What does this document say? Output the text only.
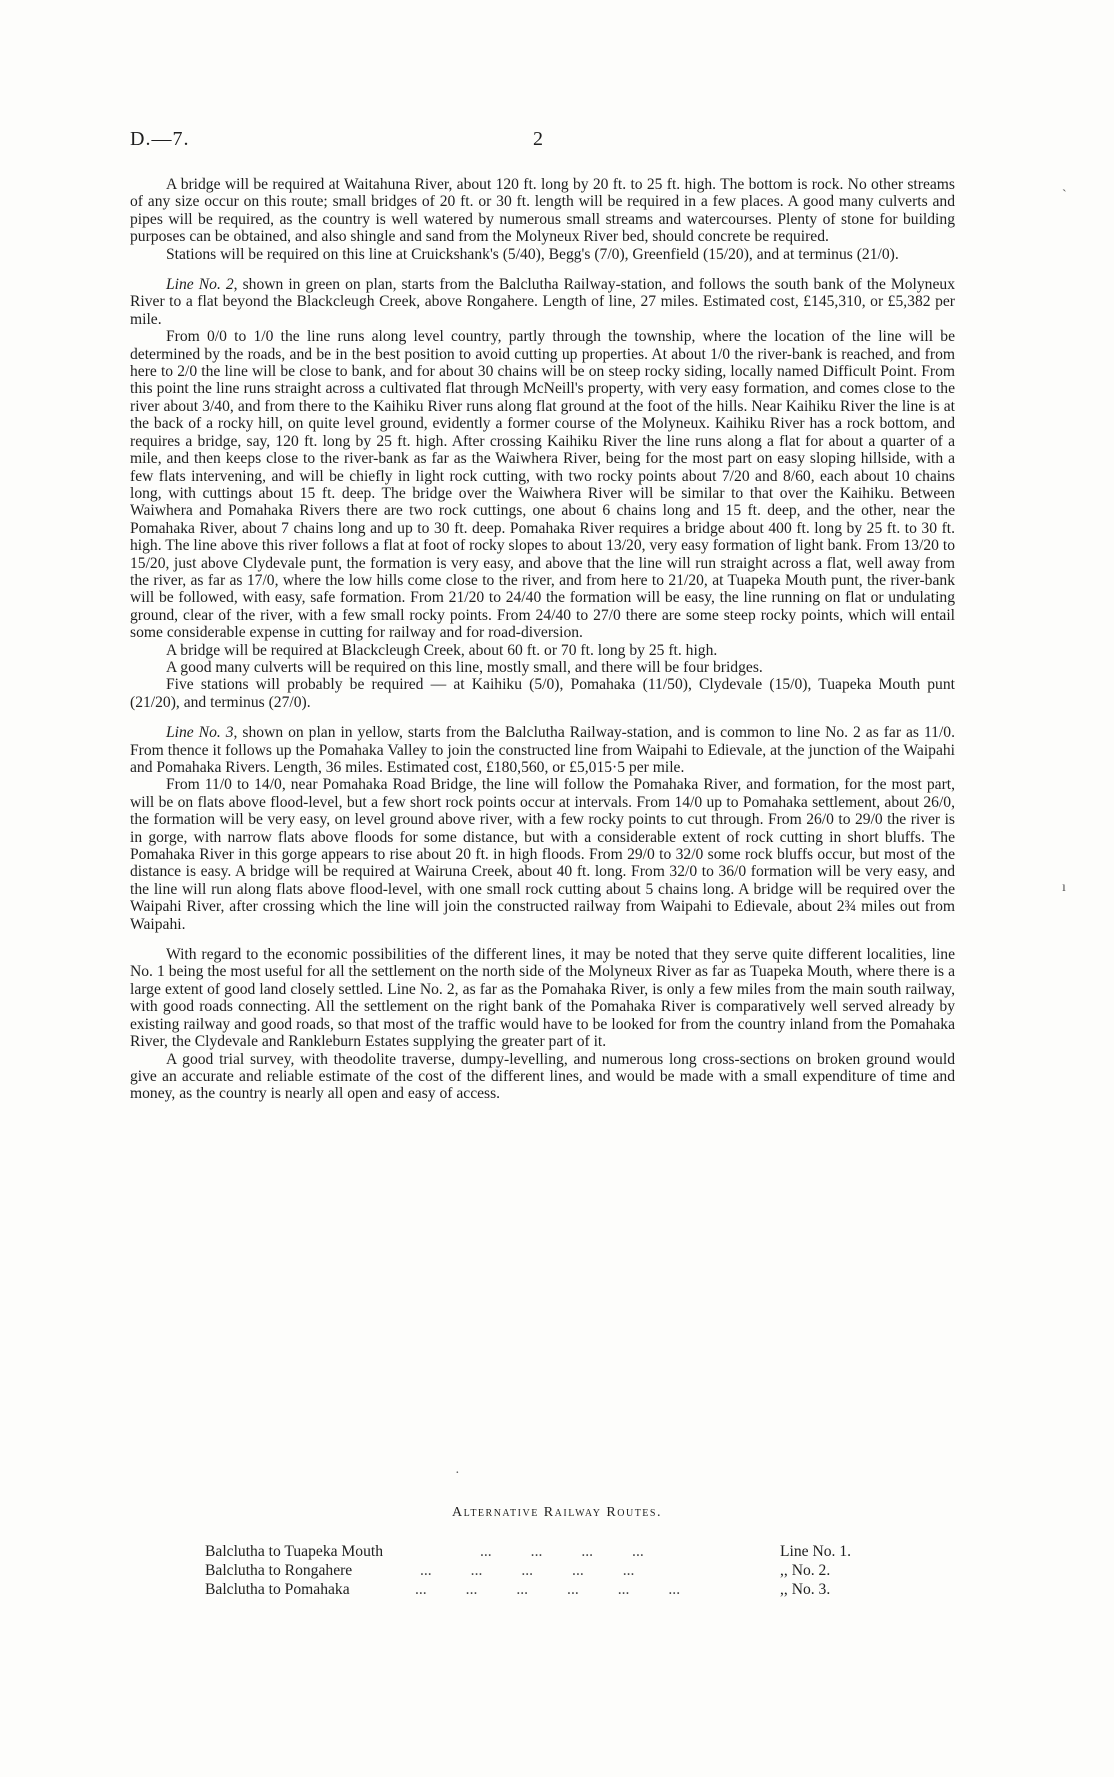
D.—7.	2

A bridge will be required at Waitahuna River, about 120 ft. long by 20 ft. to 25 ft. high. The bottom is rock. No other streams of any size occur on this route; small bridges of 20 ft. or 30 ft. length will be required in a few places. A good many culverts and pipes will be required, as the country is well watered by numerous small streams and watercourses. Plenty of stone for building purposes can be obtained, and also shingle and sand from the Molyneux River bed, should concrete be required.

Stations will be required on this line at Cruickshank's (5/40), Begg's (7/0), Greenfield (15/20), and at terminus (21/0).

Line No. 2, shown in green on plan, starts from the Balclutha Railway-station, and follows the south bank of the Molyneux River to a flat beyond the Blackcleugh Creek, above Rongahere. Length of line, 27 miles. Estimated cost, £145,310, or £5,382 per mile.

From 0/0 to 1/0 the line runs along level country, partly through the township, where the location of the line will be determined by the roads, and be in the best position to avoid cutting up properties. At about 1/0 the river-bank is reached, and from here to 2/0 the line will be close to bank, and for about 30 chains will be on steep rocky siding, locally named Difficult Point. From this point the line runs straight across a cultivated flat through McNeill's property, with very easy formation, and comes close to the river about 3/40, and from there to the Kaihiku River runs along flat ground at the foot of the hills. Near Kaihiku River the line is at the back of a rocky hill, on quite level ground, evidently a former course of the Molyneux. Kaihiku River has a rock bottom, and requires a bridge, say, 120 ft. long by 25 ft. high. After crossing Kaihiku River the line runs along a flat for about a quarter of a mile, and then keeps close to the river-bank as far as the Waiwhera River, being for the most part on easy sloping hillside, with a few flats intervening, and will be chiefly in light rock cutting, with two rocky points about 7/20 and 8/60, each about 10 chains long, with cuttings about 15 ft. deep. The bridge over the Waiwhera River will be similar to that over the Kaihiku. Between Waiwhera and Pomahaka Rivers there are two rock cuttings, one about 6 chains long and 15 ft. deep, and the other, near the Pomahaka River, about 7 chains long and up to 30 ft. deep. Pomahaka River requires a bridge about 400 ft. long by 25 ft. to 30 ft. high. The line above this river follows a flat at foot of rocky slopes to about 13/20, very easy formation of light bank. From 13/20 to 15/20, just above Clydevale punt, the formation is very easy, and above that the line will run straight across a flat, well away from the river, as far as 17/0, where the low hills come close to the river, and from here to 21/20, at Tuapeka Mouth punt, the river-bank will be followed, with easy, safe formation. From 21/20 to 24/40 the formation will be easy, the line running on flat or undulating ground, clear of the river, with a few small rocky points. From 24/40 to 27/0 there are some steep rocky points, which will entail some considerable expense in cutting for railway and for road-diversion.

A bridge will be required at Blackcleugh Creek, about 60 ft. or 70 ft. long by 25 ft. high.

A good many culverts will be required on this line, mostly small, and there will be four bridges.

Five stations will probably be required — at Kaihiku (5/0), Pomahaka (11/50), Clydevale (15/0), Tuapeka Mouth punt (21/20), and terminus (27/0).

Line No. 3, shown on plan in yellow, starts from the Balclutha Railway-station, and is common to line No. 2 as far as 11/0. From thence it follows up the Pomahaka Valley to join the constructed line from Waipahi to Edievale, at the junction of the Waipahi and Pomahaka Rivers. Length, 36 miles. Estimated cost, £180,560, or £5,015·5 per mile.

From 11/0 to 14/0, near Pomahaka Road Bridge, the line will follow the Pomahaka River, and formation, for the most part, will be on flats above flood-level, but a few short rock points occur at intervals. From 14/0 up to Pomahaka settlement, about 26/0, the formation will be very easy, on level ground above river, with a few rocky points to cut through. From 26/0 to 29/0 the river is in gorge, with narrow flats above floods for some distance, but with a considerable extent of rock cutting in short bluffs. The Pomahaka River in this gorge appears to rise about 20 ft. in high floods. From 29/0 to 32/0 some rock bluffs occur, but most of the distance is easy. A bridge will be required at Wairuna Creek, about 40 ft. long. From 32/0 to 36/0 formation will be very easy, and the line will run along flats above flood-level, with one small rock cutting about 5 chains long. A bridge will be required over the Waipahi River, after crossing which the line will join the constructed railway from Waipahi to Edievale, about 2¾ miles out from Waipahi.

With regard to the economic possibilities of the different lines, it may be noted that they serve quite different localities, line No. 1 being the most useful for all the settlement on the north side of the Molyneux River as far as Tuapeka Mouth, where there is a large extent of good land closely settled. Line No. 2, as far as the Pomahaka River, is only a few miles from the main south railway, with good roads connecting. All the settlement on the right bank of the Pomahaka River is comparatively well served already by existing railway and good roads, so that most of the traffic would have to be looked for from the country inland from the Pomahaka River, the Clydevale and Rankleburn Estates supplying the greater part of it.

A good trial survey, with theodolite traverse, dumpy-levelling, and numerous long cross-sections on broken ground would give an accurate and reliable estimate of the cost of the different lines, and would be made with a small expenditure of time and money, as the country is nearly all open and easy of access.

Alternative Railway Routes.
Balclutha to Tuapeka Mouth	...          ...          ...          ...	Line No. 1.
Balclutha to Rongahere	...          ...          ...          ...          ...	,, No. 2.
Balclutha to Pomahaka	...          ...          ...          ...          ...          ...	,, No. 3.
`
ı
·
